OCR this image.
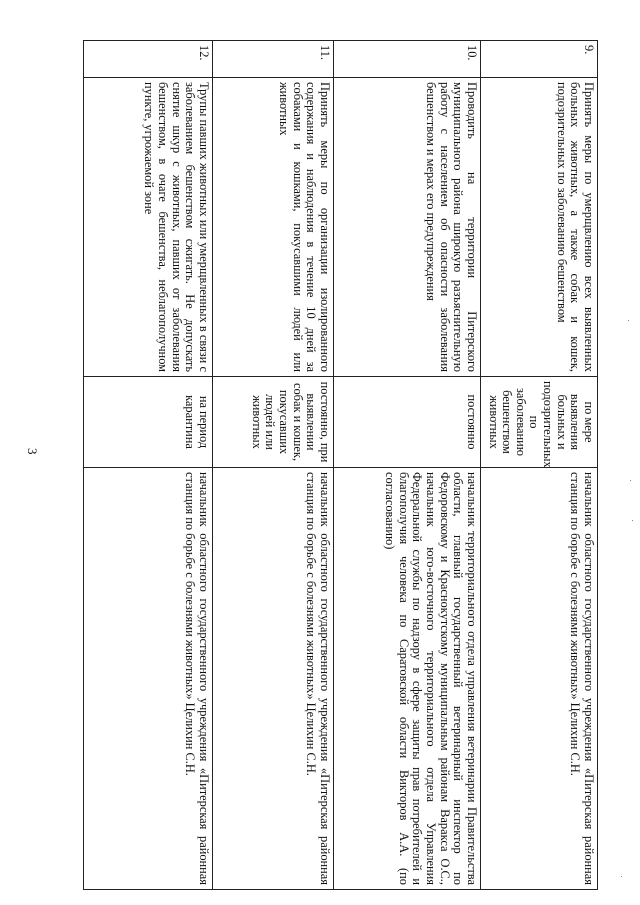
3
9.	Принять меры по умерщвлению всех выявленных больных животных, а также собак и кошек, подозрительных по заболеванию бешенством	по мере выявления больных и подозрительных по заболеванию бешенством животных	начальник областного государственного учреждения «Питерская районная станция по борьбе с болезнями животных» Целихин С.Н.
10.	Проводить на территории Питерского муниципального района широкую разъяснительную работу с населением об опасности заболевания бешенством и мерах его предупреждения	постоянно	начальник территориального отдела управления ветеринарии Правительства области, главный государственный ветеринарный инспектор по Федоровскому и Краснокутскому муниципальным районам Варакса О.С., начальник юго-восточного территориального отдела Управления Федеральной службы по надзору в сфере защиты прав потребителей и благополучия человека по Саратовской области Викторов А.А. (по согласованию)
11.	Принять меры по организации изолированного содержания и наблюдения в течение 10 дней за собаками и кошками, покусавшими людей или животных	постоянно, при выявлении собак и кошек, покусавших людей или животных	начальник областного государственного учреждения «Питерская районная станция по борьбе с болезнями животных» Целихин С.Н.
12.	Трупы павших животных или умерщвленных в связи с заболеванием бешенством сжигать. Не допускать снятие шкур с животных, павших от заболевания бешенством, в очаге бешенства, неблагополучном пункте, угрожаемой зоне	на период карантина	начальник областного государственного учреждения «Питерская районная станция по борьбе с болезнями животных» Целихин С.Н.
